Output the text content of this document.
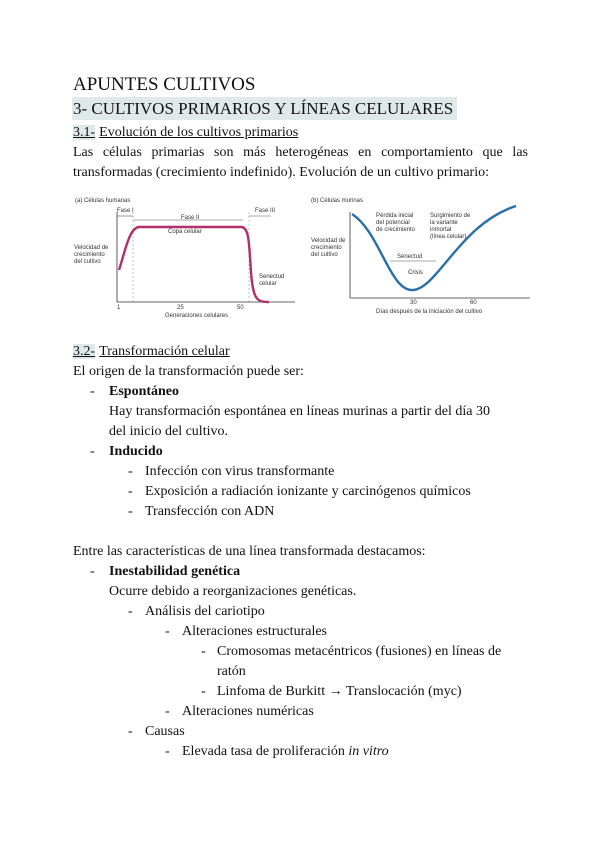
APUNTES CULTIVOS
3- CULTIVOS PRIMARIOS Y LÍNEAS CELULARES
3.1- Evolución de los cultivos primarios
Las células primarias son más heterogéneas en comportamiento que las transformadas (crecimiento indefinido). Evolución de un cultivo primario:
(a) Células humanas
Fase I
Fase II
Fase III
Copa celular
Velocidad de crecimiento del cultivo
Senectud celular
1	25	50
Generaciones celulares
(b) Células murinas
Velocidad de crecimiento del cultivo
Pérdida inicial del potencial de crecimiento
Surgimiento de la variante inmortal (línea celular)
Senectud
Crisis
30	60
Días después de la iniciación del cultivo
3.2- Transformación celular
El origen de la transformación puede ser:
- Espontáneo
Hay transformación espontánea en líneas murinas a partir del día 30
del inicio del cultivo.
- Inducido
- Infección con virus transformante
- Exposición a radiación ionizante y carcinógenos químicos
- Transfección con ADN
Entre las características de una línea transformada destacamos:
- Inestabilidad genética
Ocurre debido a reorganizaciones genéticas.
- Análisis del cariotipo
- Alteraciones estructurales
- Cromosomas metacéntricos (fusiones) en líneas de
ratón
- Linfoma de Burkitt → Translocación (myc)
- Alteraciones numéricas
- Causas
- Elevada tasa de proliferación in vitro
